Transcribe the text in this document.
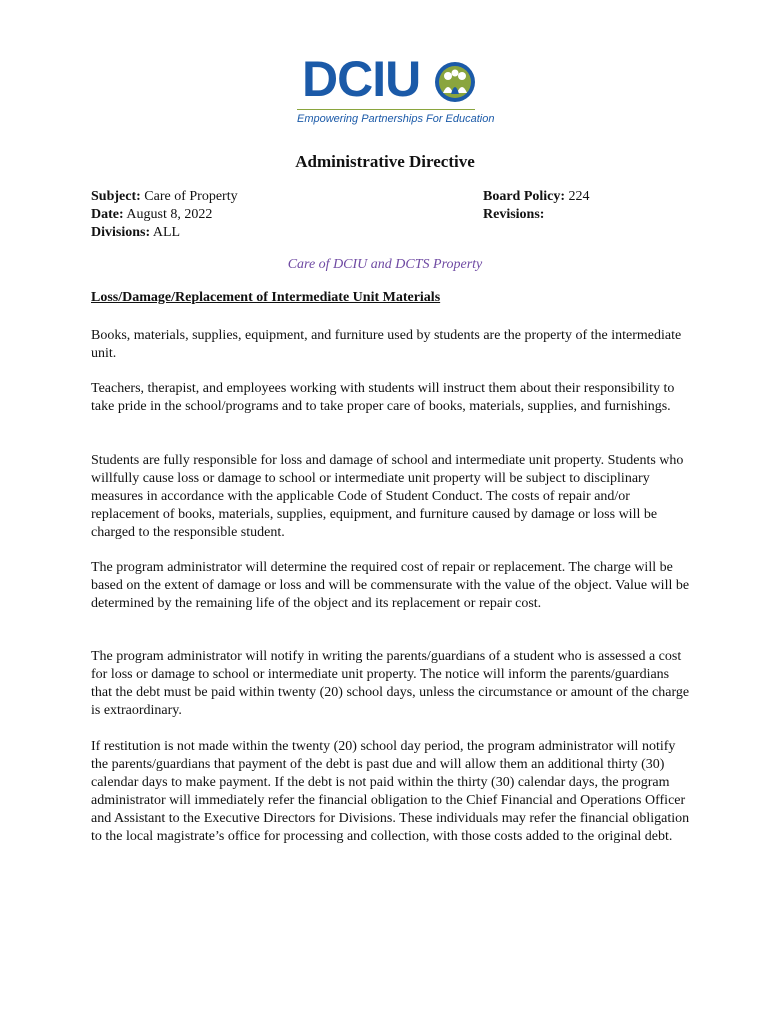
DCIU
Empowering Partnerships For Education
Administrative Directive
Subject: Care of Property
Date: August 8, 2022
Divisions: ALL
Board Policy: 224
Revisions:
Care of DCIU and DCTS Property
Loss/Damage/Replacement of Intermediate Unit Materials

Books, materials, supplies, equipment, and furniture used by students are the property of the intermediate unit.

Teachers, therapist, and employees working with students will instruct them about their responsibility to take pride in the school/programs and to take proper care of books, materials, supplies, and furnishings.

Students are fully responsible for loss and damage of school and intermediate unit property. Students who willfully cause loss or damage to school or intermediate unit property will be subject to disciplinary measures in accordance with the applicable Code of Student Conduct. The costs of repair and/or replacement of books, materials, supplies, equipment, and furniture caused by damage or loss will be charged to the responsible student.

The program administrator will determine the required cost of repair or replacement. The charge will be based on the extent of damage or loss and will be commensurate with the value of the object. Value will be determined by the remaining life of the object and its replacement or repair cost.

The program administrator will notify in writing the parents/guardians of a student who is assessed a cost for loss or damage to school or intermediate unit property. The notice will inform the parents/guardians that the debt must be paid within twenty (20) school days, unless the circumstance or amount of the charge is extraordinary.

If restitution is not made within the twenty (20) school day period, the program administrator will notify the parents/guardians that payment of the debt is past due and will allow them an additional thirty (30) calendar days to make payment. If the debt is not paid within the thirty (30) calendar days, the program administrator will immediately refer the financial obligation to the Chief Financial and Operations Officer and Assistant to the Executive Directors for Divisions. These individuals may refer the financial obligation to the local magistrate’s office for processing and collection, with those costs added to the original debt.
